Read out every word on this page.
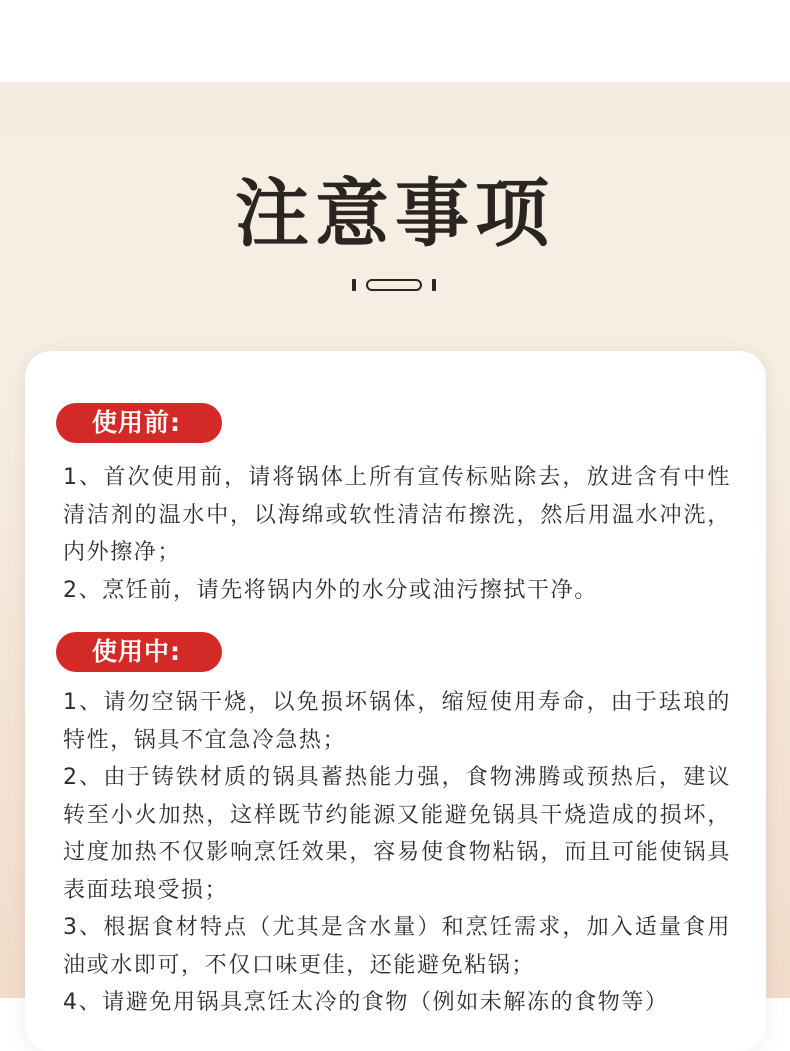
注意事项
使用前:

1、首次使用前，请将锅体上所有宣传标贴除去，放进含有中性清洁剂的温水中，以海绵或软性清洁布擦洗，然后用温水冲洗，内外擦净；

2、烹饪前，请先将锅内外的水分或油污擦拭干净。

使用中:

1、请勿空锅干烧，以免损坏锅体，缩短使用寿命，由于珐琅的特性，锅具不宜急冷急热；

2、由于铸铁材质的锅具蓄热能力强，食物沸腾或预热后，建议转至小火加热，这样既节约能源又能避免锅具干烧造成的损坏，过度加热不仅影响烹饪效果，容易使食物粘锅，而且可能使锅具表面珐琅受损；

3、根据食材特点（尤其是含水量）和烹饪需求，加入适量食用油或水即可，不仅口味更佳，还能避免粘锅；

4、请避免用锅具烹饪太冷的食物（例如未解冻的食物等）
